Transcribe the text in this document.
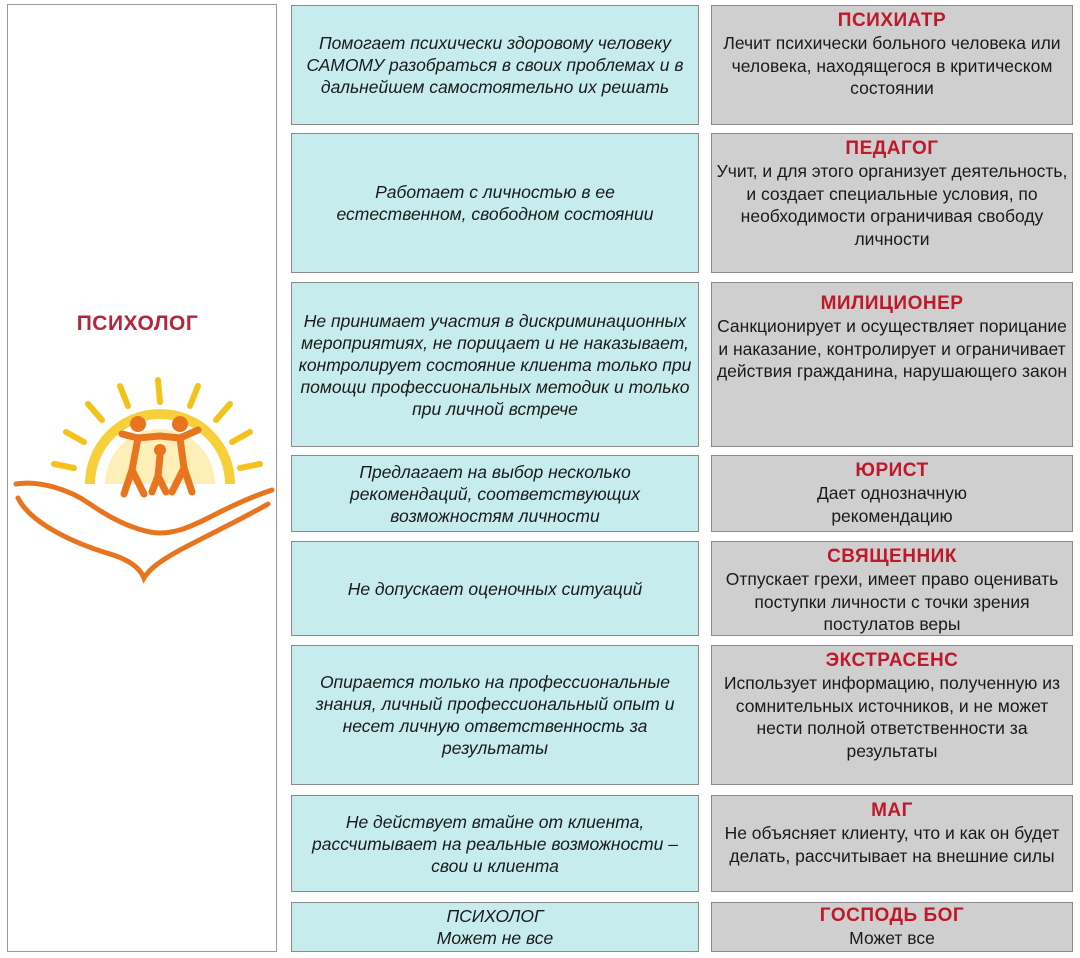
ПСИХОЛОГ
Помогает психически здоровому человеку САМОМУ разобраться в своих проблемах и в дальнейшем самостоятельно их решать
ПСИХИАТР
Лечит психически больного человека или человека, находящегося в критическом состоянии
Работает с личностью в ее естественном, свободном состоянии
ПЕДАГОГ
Учит, и для этого организует деятельность, и создает специальные условия, по необходимости ограничивая свободу личности
Не принимает участия в дискриминационных мероприятиях, не порицает и не наказывает, контролирует состояние клиента только при помощи профессиональных методик и только при личной встрече
МИЛИЦИОНЕР
Санкционирует и осуществляет порицание и наказание, контролирует и ограничивает действия гражданина, нарушающего закон
Предлагает на выбор несколько рекомендаций, соответствующих возможностям личности
ЮРИСТ
Дает однозначную рекомендацию
Не допускает оценочных ситуаций
СВЯЩЕННИК
Отпускает грехи, имеет право оценивать поступки личности с точки зрения постулатов веры
Опирается только на профессиональные знания, личный профессиональный опыт и несет личную ответственность за результаты
ЭКСТРАСЕНС
Использует информацию, полученную из сомнительных источников, и не может нести полной ответственности за результаты
Не действует втайне от клиента, рассчитывает на реальные возможности – свои и клиента
МАГ
Не объясняет клиенту, что и как он будет делать, рассчитывает на внешние силы
ПСИХОЛОГ
Может не все
ГОСПОДЬ БОГ
Может все
